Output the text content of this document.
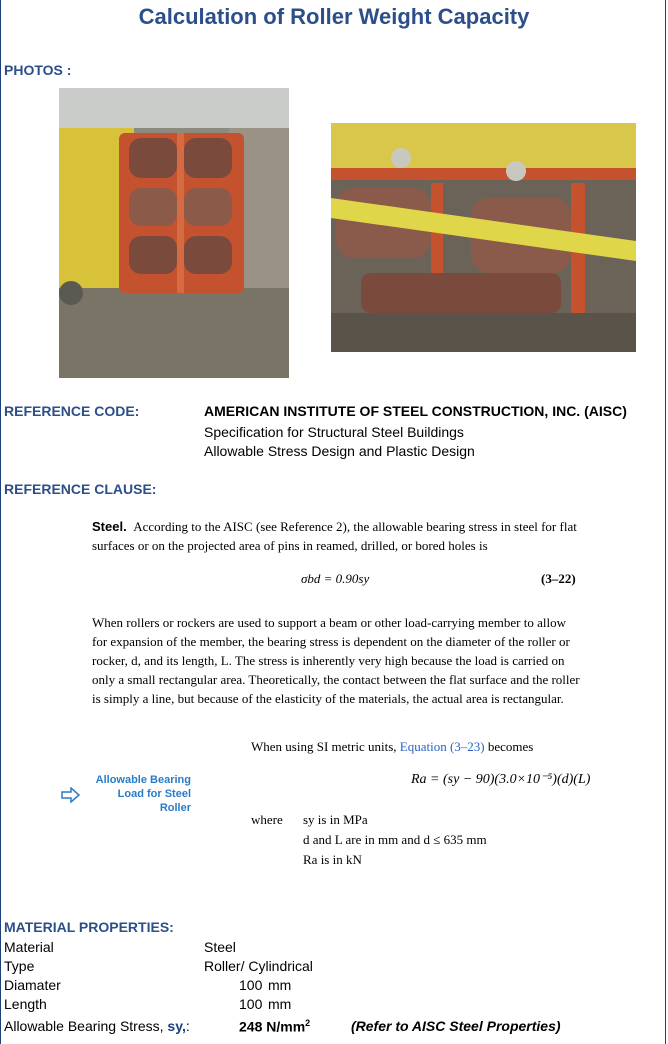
Calculation of Roller Weight Capacity
PHOTOS :
REFERENCE CODE:	AMERICAN INSTITUTE OF STEEL CONSTRUCTION, INC. (AISC)
Specification for Structural Steel Buildings
Allowable Stress Design and Plastic Design
REFERENCE CLAUSE:
Steel. According to the AISC (see Reference 2), the allowable bearing stress in steel for flat surfaces or on the projected area of pins in reamed, drilled, or bored holes is
σbd = 0.90sy	(3–22)
When rollers or rockers are used to support a beam or other load-carrying member to allow for expansion of the member, the bearing stress is dependent on the diameter of the roller or rocker, d, and its length, L. The stress is inherently very high because the load is carried on only a small rectangular area. Theoretically, the contact between the flat surface and the roller is simply a line, but because of the elasticity of the materials, the actual area is rectangular.
When using SI metric units, Equation (3–23) becomes
Ra = (sy − 90)(3.0×10⁻⁵)(d)(L)
Allowable Bearing
Load for Steel
Roller
where sy is in MPa
d and L are in mm and d ≤ 635 mm
Ra is in kN
MATERIAL PROPERTIES:
Material	Steel
Type	Roller/ Cylindrical
Diamater	100 mm
Length	100 mm
Allowable Bearing Stress, sy,:	248 $N/mm^2$	(Refer to AISC Steel Properties)
